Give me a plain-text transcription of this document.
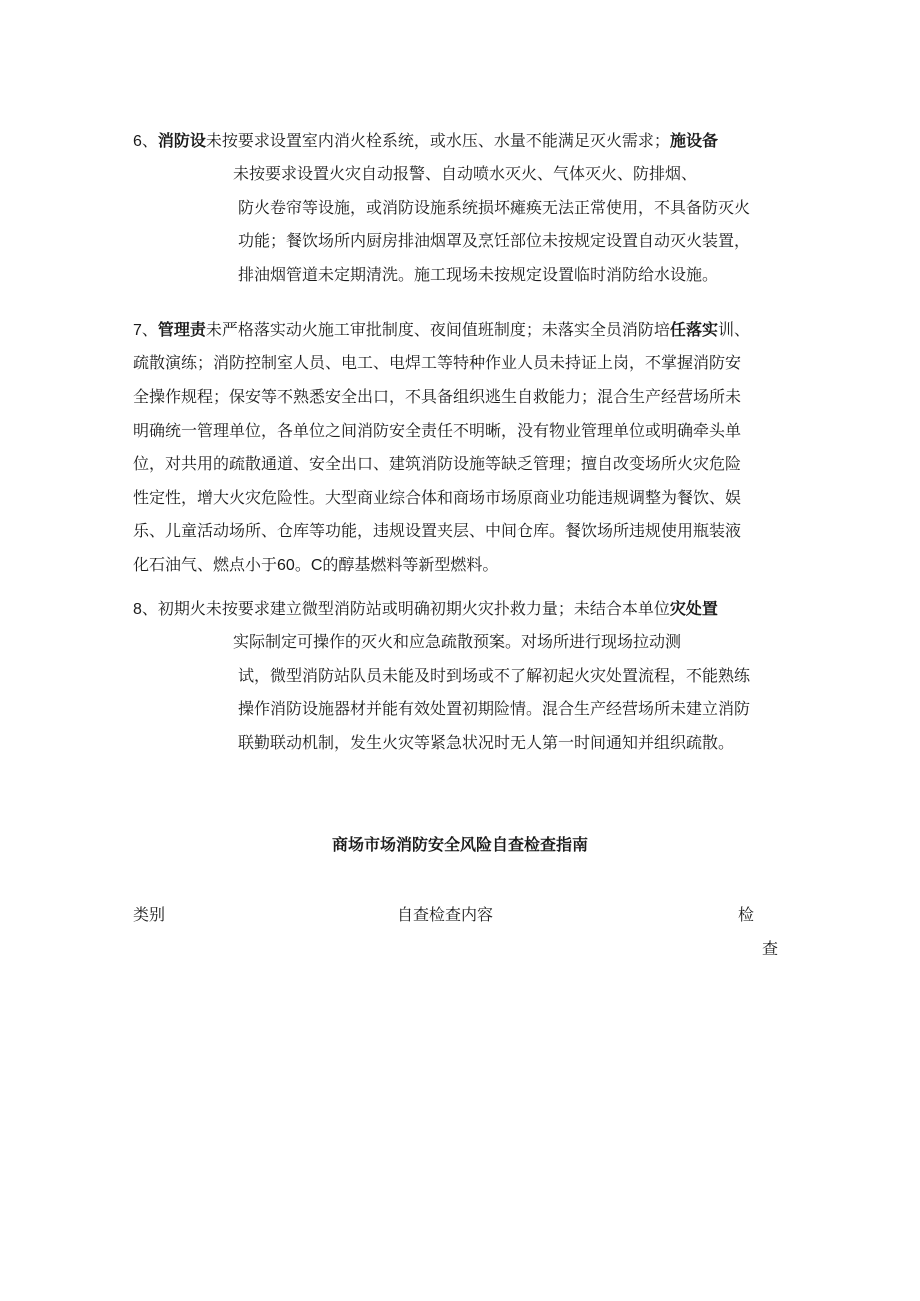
6、消防设未按要求设置室内消火栓系统，或水压、水量不能满足灭火需求；施设备
未按要求设置火灾自动报警、自动喷水灭火、气体灭火、防排烟、
防火卷帘等设施，或消防设施系统损坏瘫痪无法正常使用，不具备防灭火
功能；餐饮场所内厨房排油烟罩及烹饪部位未按规定设置自动灭火装置，
排油烟管道未定期清洗。施工现场未按规定设置临时消防给水设施。
7、管理责未严格落实动火施工审批制度、夜间值班制度；未落实全员消防培任落实训、
疏散演练；消防控制室人员、电工、电焊工等特种作业人员未持证上岗，不掌握消防安
全操作规程；保安等不熟悉安全出口，不具备组织逃生自救能力；混合生产经营场所未
明确统一管理单位，各单位之间消防安全责任不明晰，没有物业管理单位或明确牵头单
位，对共用的疏散通道、安全出口、建筑消防设施等缺乏管理；擅自改变场所火灾危险
性定性，增大火灾危险性。大型商业综合体和商场市场原商业功能违规调整为餐饮、娱
乐、儿童活动场所、仓库等功能，违规设置夹层、中间仓库。餐饮场所违规使用瓶装液
化石油气、燃点小于60。C的醇基燃料等新型燃料。
8、初期火未按要求建立微型消防站或明确初期火灾扑救力量；未结合本单位灾处置
实际制定可操作的灭火和应急疏散预案。对场所进行现场拉动测
试，微型消防站队员未能及时到场或不了解初起火灾处置流程，不能熟练
操作消防设施器材并能有效处置初期险情。混合生产经营场所未建立消防
联勤联动机制，发生火灾等紧急状况时无人第一时间通知并组织疏散。
商场市场消防安全风险自查检查指南
类别	自查检查内容	检
查
